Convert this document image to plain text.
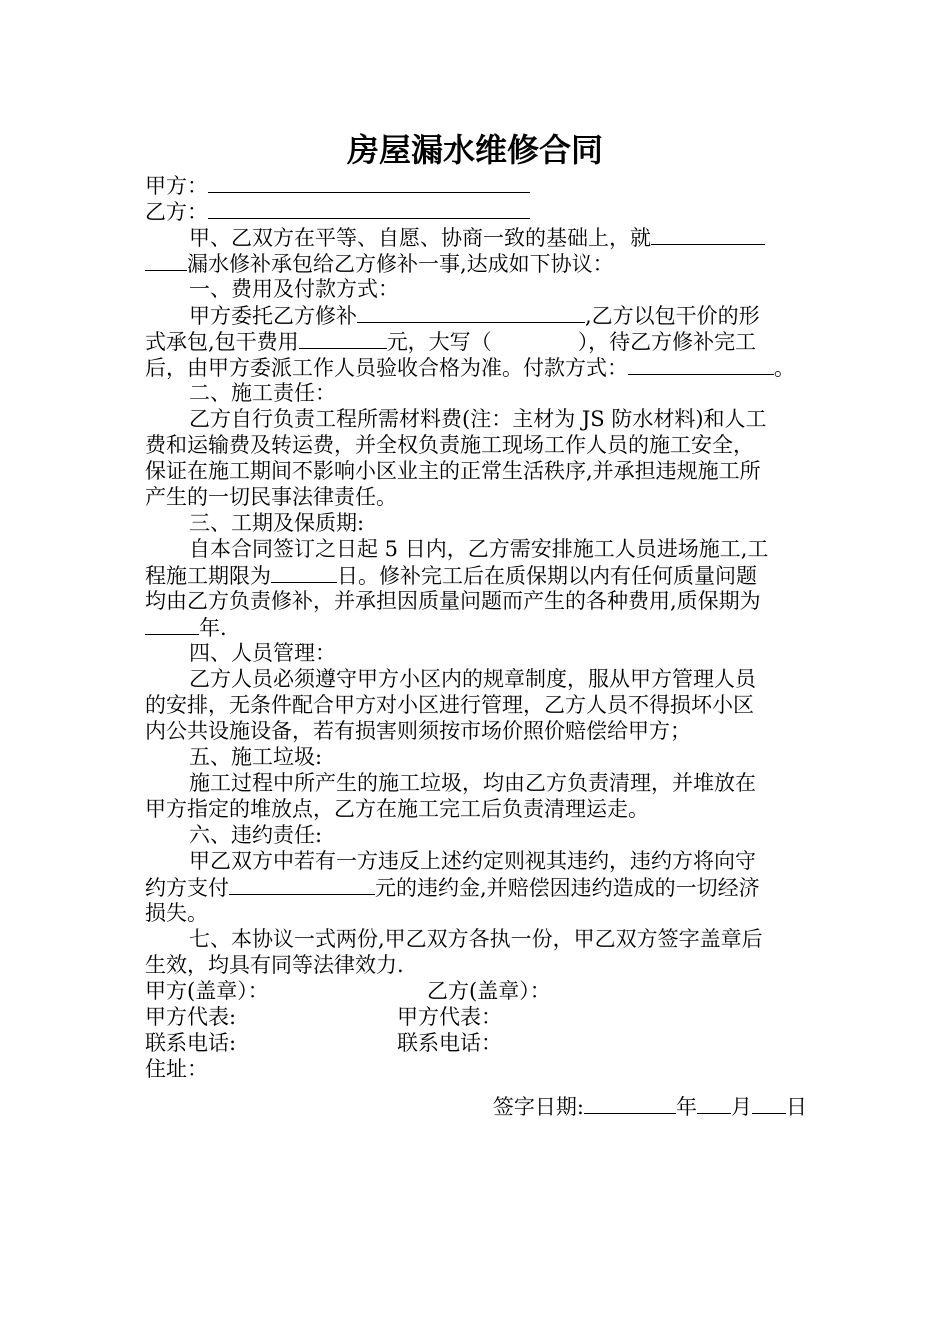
房屋漏水维修合同
甲方：
乙方：
甲、乙双方在平等、自愿、协商一致的基础上，就
漏水修补承包给乙方修补一事,达成如下协议：
一、费用及付款方式：
甲方委托乙方修补	,乙方以包干价的形
式承包,包干费用	元，大写（	），待乙方修补完工
后，由甲方委派工作人员验收合格为准。付款方式：	。
二、施工责任：
乙方自行负责工程所需材料费(注：主材为 JS 防水材料)和人工
费和运输费及转运费，并全权负责施工现场工作人员的施工安全，
保证在施工期间不影响小区业主的正常生活秩序,并承担违规施工所
产生的一切民事法律责任。
三、工期及保质期:
自本合同签订之日起 5 日内，乙方需安排施工人员进场施工,工
程施工期限为	日。修补完工后在质保期以内有任何质量问题
均由乙方负责修补，并承担因质量问题而产生的各种费用,质保期为
年.
四、人员管理：
乙方人员必须遵守甲方小区内的规章制度，服从甲方管理人员
的安排，无条件配合甲方对小区进行管理，乙方人员不得损坏小区
内公共设施设备，若有损害则须按市场价照价赔偿给甲方；
五、施工垃圾:
施工过程中所产生的施工垃圾，均由乙方负责清理，并堆放在
甲方指定的堆放点，乙方在施工完工后负责清理运走。
六、违约责任:
甲乙双方中若有一方违反上述约定则视其违约，违约方将向守
约方支付	元的违约金,并赔偿因违约造成的一切经济
损失。
七、本协议一式两份,甲乙双方各执一份，甲乙双方签字盖章后
生效，均具有同等法律效力.
甲方(盖章）：	乙方(盖章）：
甲方代表:	甲方代表：
联系电话:	联系电话：
住址：
签字日期:	年 月 日
